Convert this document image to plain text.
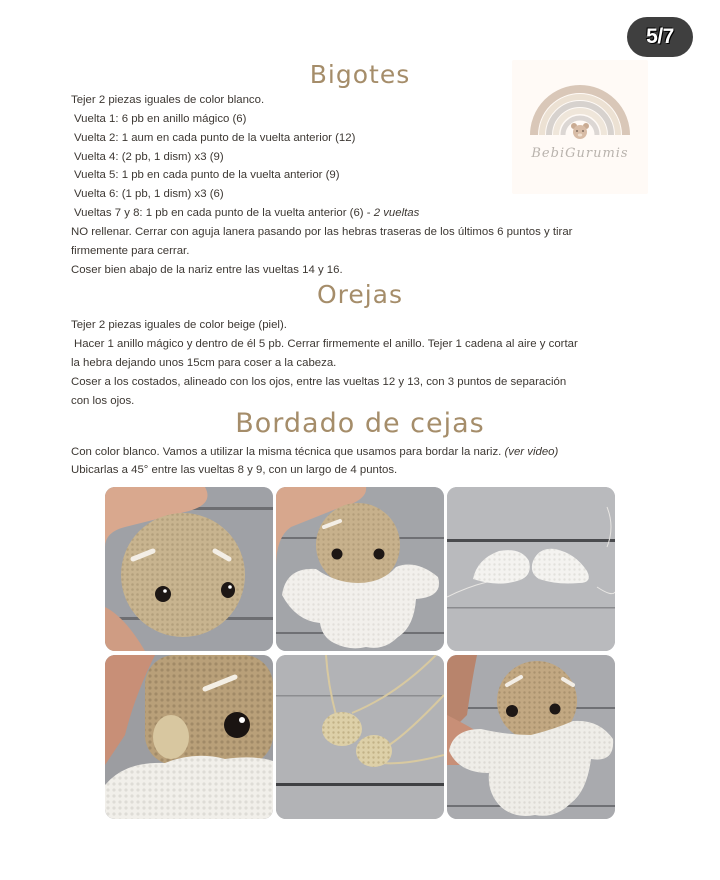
5/7
BebiGurumis
Bigotes
Tejer 2 piezas iguales de color blanco.
Vuelta 1: 6 pb en anillo mágico (6)
Vuelta 2: 1 aum en cada punto de la vuelta anterior (12)
Vuelta 4: (2 pb, 1 dism) x3 (9)
Vuelta 5: 1 pb en cada punto de la vuelta anterior (9)
Vuelta 6: (1 pb, 1 dism) x3 (6)
Vueltas 7 y 8: 1 pb en cada punto de la vuelta anterior (6) - 2 vueltas
NO rellenar. Cerrar con aguja lanera pasando por las hebras traseras de los últimos 6 puntos y tirar
firmemente para cerrar.
Coser bien abajo de la nariz entre las vueltas 14 y 16.
Orejas
Tejer 2 piezas iguales de color beige (piel).
Hacer 1 anillo mágico y dentro de él 5 pb. Cerrar firmemente el anillo. Tejer 1 cadena al aire y cortar
la hebra dejando unos 15cm para coser a la cabeza.
Coser a los costados, alineado con los ojos, entre las vueltas 12 y 13, con 3 puntos de separación
con los ojos.
Bordado de cejas
Con color blanco. Vamos a utilizar la misma técnica que usamos para bordar la nariz. (ver video)
Ubicarlas a 45° entre las vueltas 8 y 9, con un largo de 4 puntos.
